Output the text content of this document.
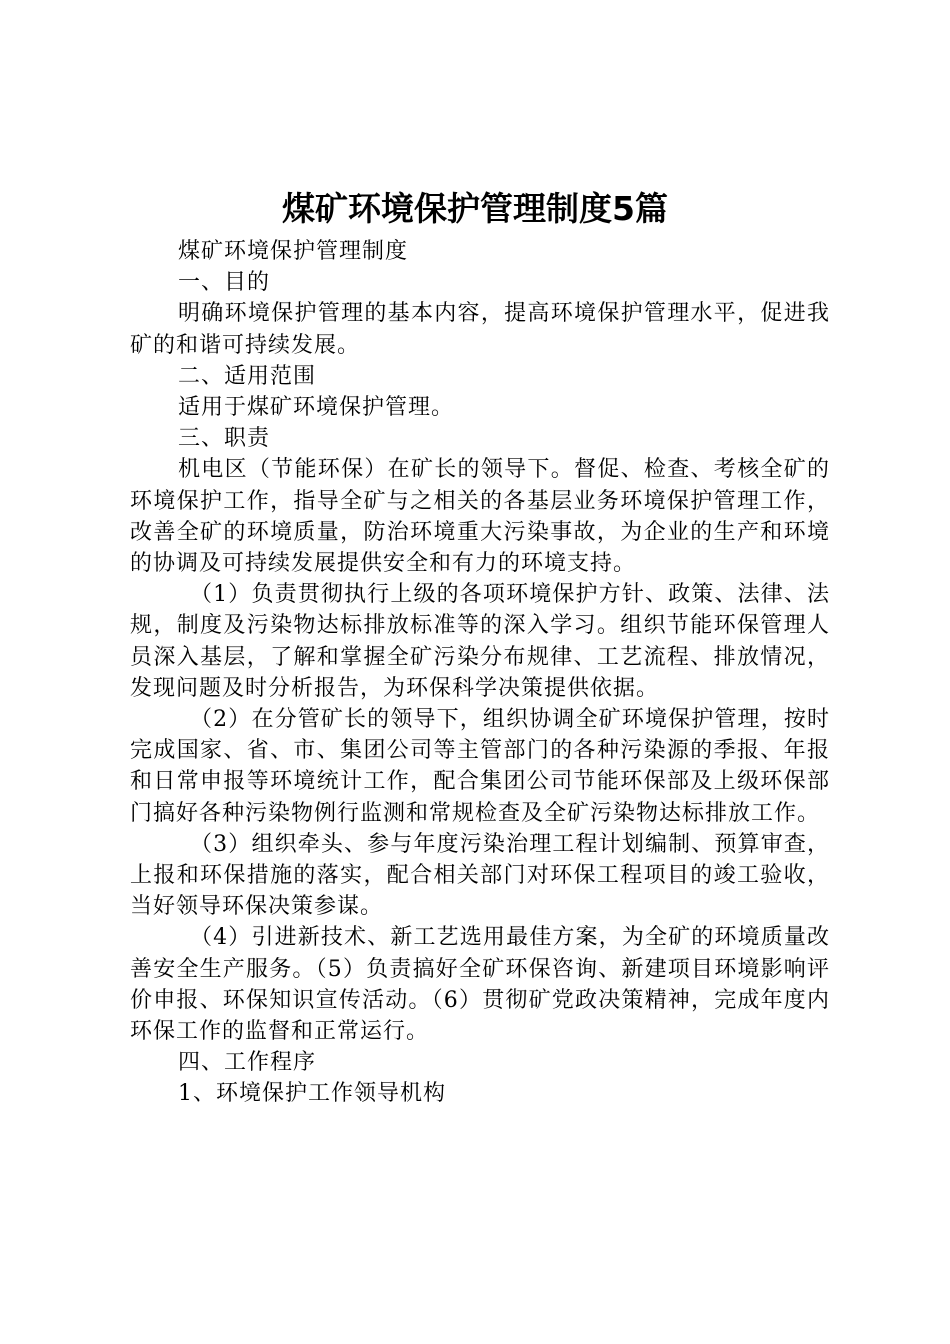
煤矿环境保护管理制度5篇

煤矿环境保护管理制度

一、目的

明确环境保护管理的基本内容，提高环境保护管理水平，促进我矿的和谐可持续发展。

二、适用范围

适用于煤矿环境保护管理。

三、职责

机电区（节能环保）在矿长的领导下。督促、检查、考核全矿的环境保护工作，指导全矿与之相关的各基层业务环境保护管理工作，改善全矿的环境质量，防治环境重大污染事故，为企业的生产和环境的协调及可持续发展提供安全和有力的环境支持。

（1）负责贯彻执行上级的各项环境保护方针、政策、法律、法规，制度及污染物达标排放标准等的深入学习。组织节能环保管理人员深入基层，了解和掌握全矿污染分布规律、工艺流程、排放情况，发现问题及时分析报告，为环保科学决策提供依据。

（2）在分管矿长的领导下，组织协调全矿环境保护管理，按时完成国家、省、市、集团公司等主管部门的各种污染源的季报、年报和日常申报等环境统计工作，配合集团公司节能环保部及上级环保部门搞好各种污染物例行监测和常规检查及全矿污染物达标排放工作。

（3）组织牵头、参与年度污染治理工程计划编制、预算审查，上报和环保措施的落实，配合相关部门对环保工程项目的竣工验收，当好领导环保决策参谋。

（4）引进新技术、新工艺选用最佳方案，为全矿的环境质量改善安全生产服务。（5）负责搞好全矿环保咨询、新建项目环境影响评价申报、环保知识宣传活动。（6）贯彻矿党政决策精神，完成年度内环保工作的监督和正常运行。

四、工作程序

1、环境保护工作领导机构
